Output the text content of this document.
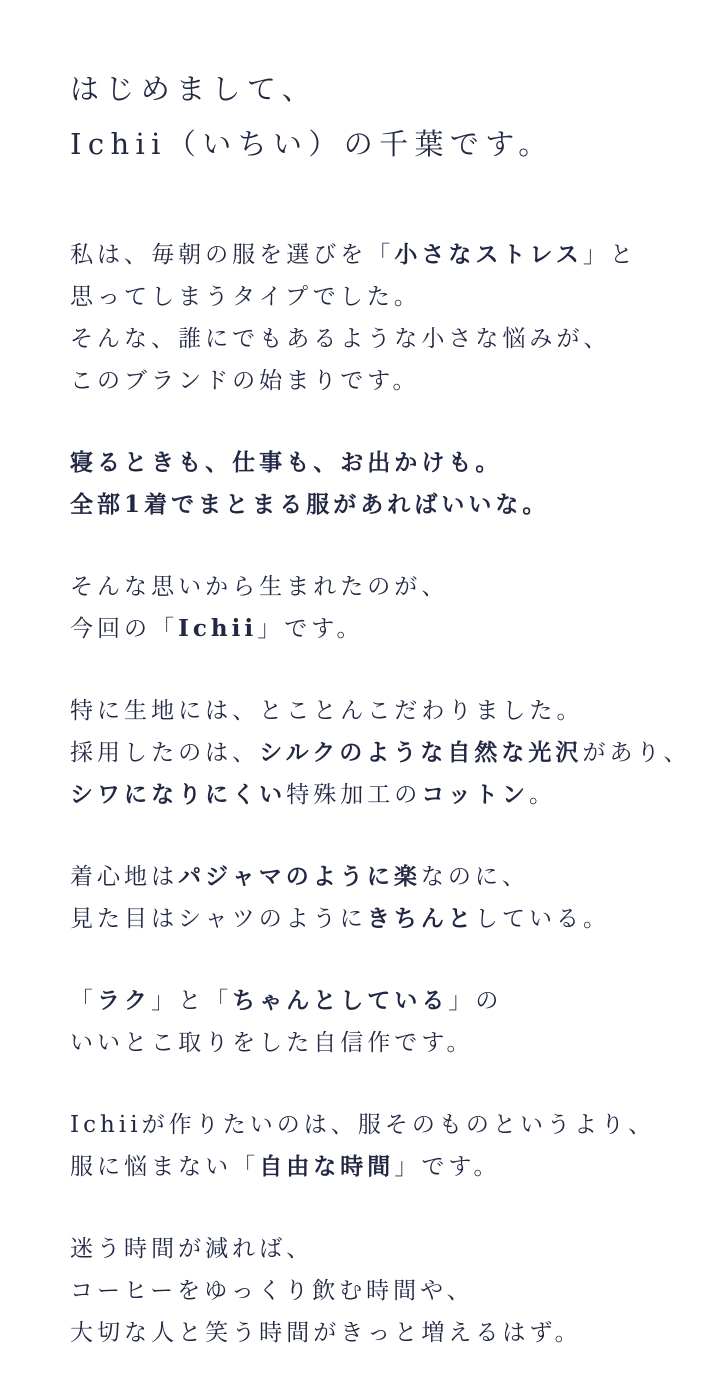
はじめまして、
Ichii（いちい）の千葉です。

私は、毎朝の服を選びを「小さなストレス」と
思ってしまうタイプでした。
そんな、誰にでもあるような小さな悩みが、
このブランドの始まりです。

寝るときも、仕事も、お出かけも。
全部1着でまとまる服があればいいな。

そんな思いから生まれたのが、
今回の「Ichii」です。

特に生地には、とことんこだわりました。
採用したのは、シルクのような自然な光沢があり、
シワになりにくい特殊加工のコットン。

着心地はパジャマのように楽なのに、
見た目はシャツのようにきちんとしている。

「ラク」と「ちゃんとしている」の
いいとこ取りをした自信作です。

Ichiiが作りたいのは、服そのものというより、
服に悩まない「自由な時間」です。

迷う時間が減れば、
コーヒーをゆっくり飲む時間や、
大切な人と笑う時間がきっと増えるはず。
